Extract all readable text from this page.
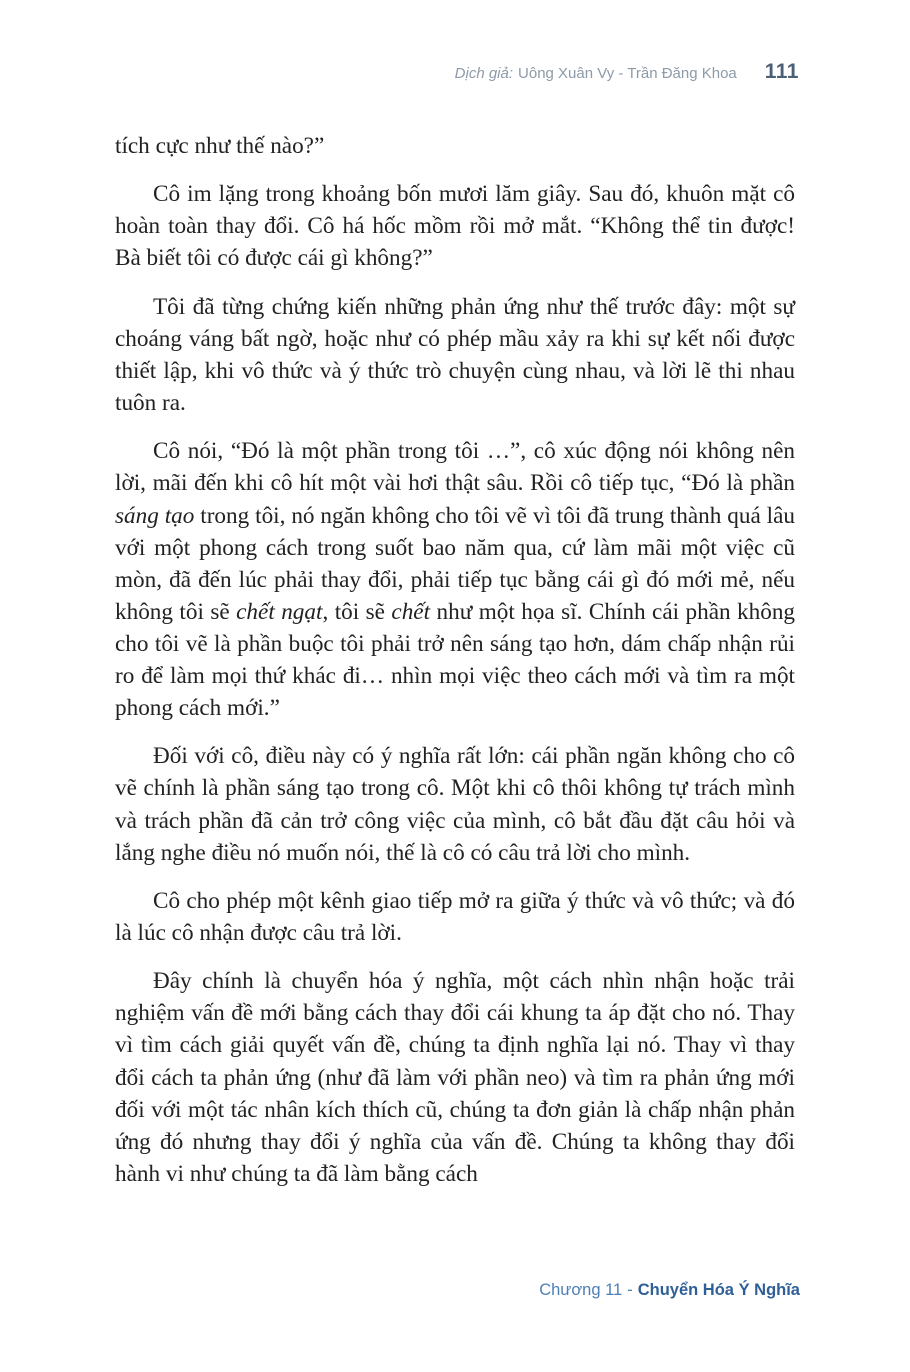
Dịch giả: Uông Xuân Vy - Trần Đăng Khoa 111

tích cực như thế nào?”

Cô im lặng trong khoảng bốn mươi lăm giây. Sau đó, khuôn mặt cô hoàn toàn thay đổi. Cô há hốc mồm rồi mở mắt. “Không thể tin được! Bà biết tôi có được cái gì không?”

Tôi đã từng chứng kiến những phản ứng như thế trước đây: một sự choáng váng bất ngờ, hoặc như có phép mầu xảy ra khi sự kết nối được thiết lập, khi vô thức và ý thức trò chuyện cùng nhau, và lời lẽ thi nhau tuôn ra.

Cô nói, “Đó là một phần trong tôi …”, cô xúc động nói không nên lời, mãi đến khi cô hít một vài hơi thật sâu. Rồi cô tiếp tục, “Đó là phần sáng tạo trong tôi, nó ngăn không cho tôi vẽ vì tôi đã trung thành quá lâu với một phong cách trong suốt bao năm qua, cứ làm mãi một việc cũ mòn, đã đến lúc phải thay đổi, phải tiếp tục bằng cái gì đó mới mẻ, nếu không tôi sẽ chết ngạt, tôi sẽ chết như một họa sĩ. Chính cái phần không cho tôi vẽ là phần buộc tôi phải trở nên sáng tạo hơn, dám chấp nhận rủi ro để làm mọi thứ khác đi… nhìn mọi việc theo cách mới và tìm ra một phong cách mới.”

Đối với cô, điều này có ý nghĩa rất lớn: cái phần ngăn không cho cô vẽ chính là phần sáng tạo trong cô. Một khi cô thôi không tự trách mình và trách phần đã cản trở công việc của mình, cô bắt đầu đặt câu hỏi và lắng nghe điều nó muốn nói, thế là cô có câu trả lời cho mình.

Cô cho phép một kênh giao tiếp mở ra giữa ý thức và vô thức; và đó là lúc cô nhận được câu trả lời.

Đây chính là chuyển hóa ý nghĩa, một cách nhìn nhận hoặc trải nghiệm vấn đề mới bằng cách thay đổi cái khung ta áp đặt cho nó. Thay vì tìm cách giải quyết vấn đề, chúng ta định nghĩa lại nó. Thay vì thay đổi cách ta phản ứng (như đã làm với phần neo) và tìm ra phản ứng mới đối với một tác nhân kích thích cũ, chúng ta đơn giản là chấp nhận phản ứng đó nhưng thay đổi ý nghĩa của vấn đề. Chúng ta không thay đổi hành vi như chúng ta đã làm bằng cách

Chương 11 - Chuyển Hóa Ý Nghĩa
